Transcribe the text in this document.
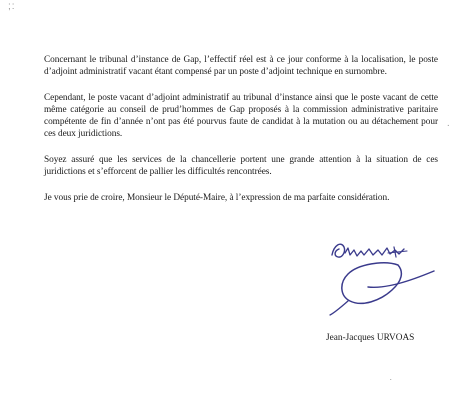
;:
·
.

Concernant le tribunal d’instance de Gap, l’effectif réel est à ce jour conforme à la localisation, le poste d’adjoint administratif vacant étant compensé par un poste d’adjoint technique en surnombre.

Cependant, le poste vacant d’adjoint administratif au tribunal d’instance ainsi que le poste vacant de cette même catégorie au conseil de prud’hommes de Gap proposés à la commission administrative paritaire compétente de fin d’année n’ont pas été pourvus faute de candidat à la mutation ou au détachement pour ces deux juridictions.

Soyez assuré que les services de la chancellerie portent une grande attention à la situation de ces juridictions et s’efforcent de pallier les difficultés rencontrées.

Je vous prie de croire, Monsieur le Député-Maire, à l’expression de ma parfaite considération.

Jean-Jacques URVOAS
